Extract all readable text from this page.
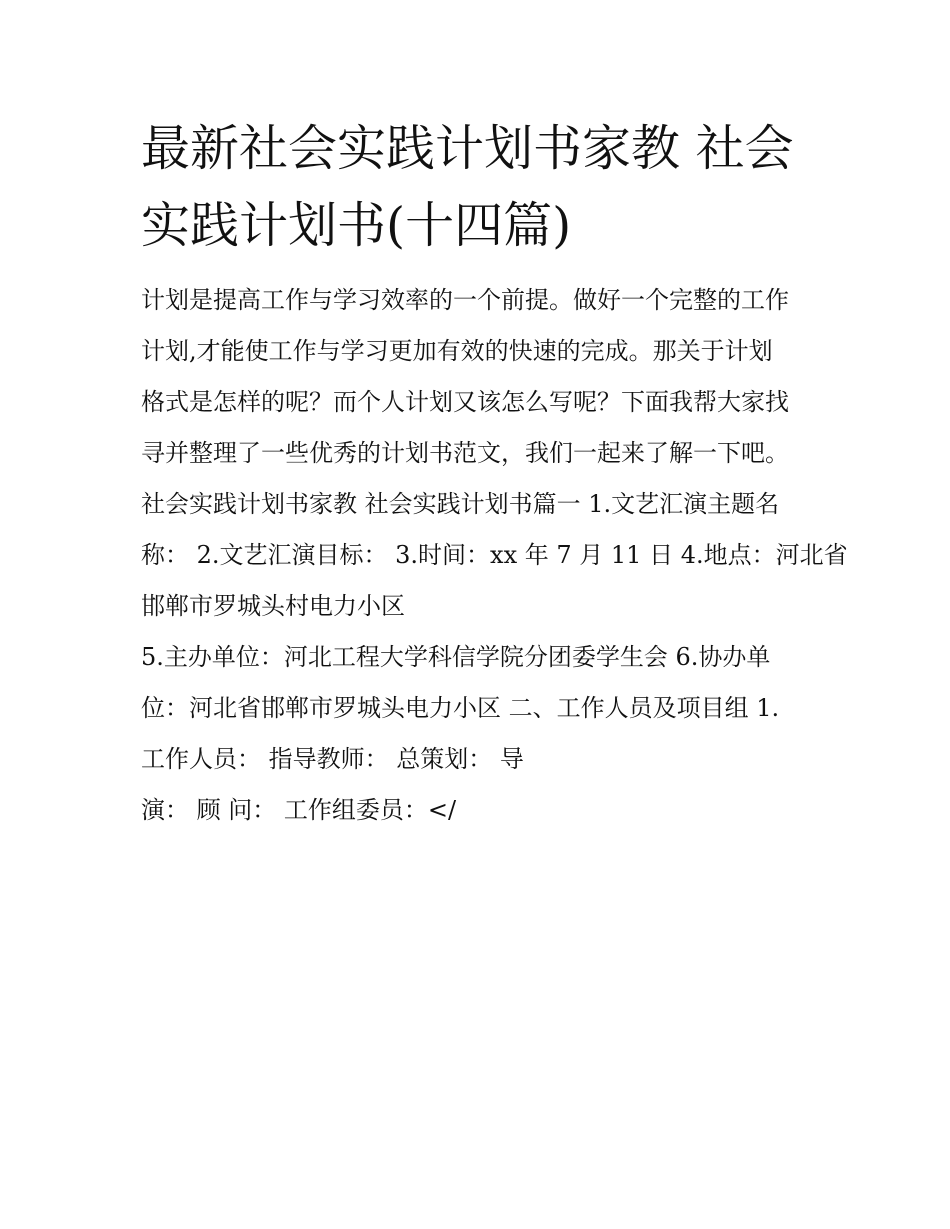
最新社会实践计划书家教 社会
实践计划书(十四篇)
计划是提高工作与学习效率的一个前提。做好一个完整的工作
计划,才能使工作与学习更加有效的快速的完成。那关于计划
格式是怎样的呢？而个人计划又该怎么写呢？下面我帮大家找
寻并整理了一些优秀的计划书范文，我们一起来了解一下吧。
社会实践计划书家教 社会实践计划书篇一 1.文艺汇演主题名
称： 2.文艺汇演目标： 3.时间：xx 年 7 月 11 日 4.地点：河北省
邯郸市罗城头村电力小区
5.主办单位：河北工程大学科信学院分团委学生会 6.协办单
位：河北省邯郸市罗城头电力小区 二、工作人员及项目组 1.
工作人员： 指导教师： 总策划： 导
演： 顾 问： 工作组委员：</
